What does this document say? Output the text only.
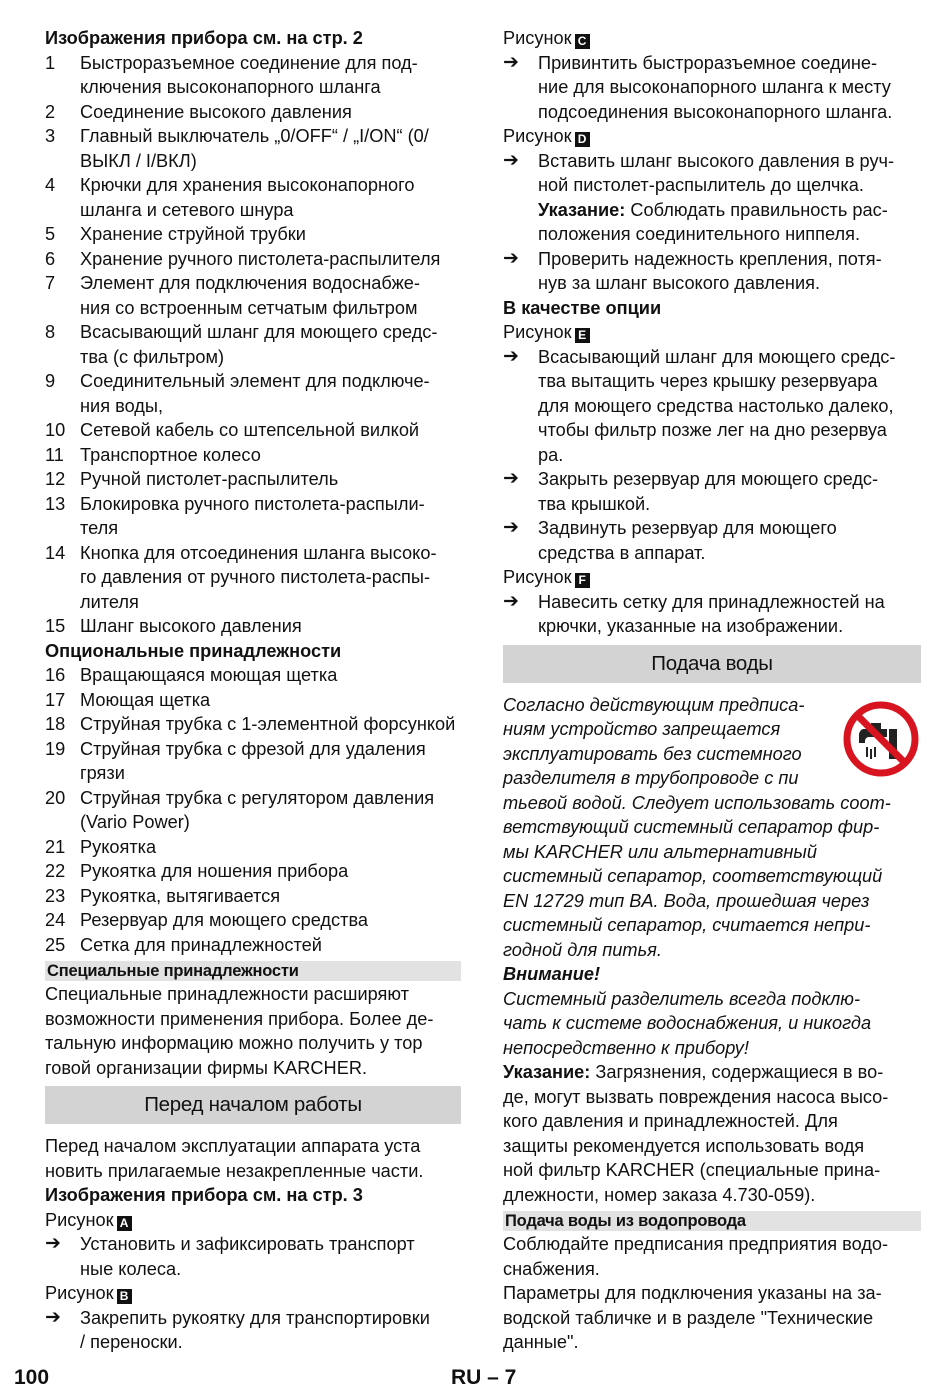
Изображения прибора см. на стр. 2
1 Быстроразъемное соединение для под-
ключения высоконапорного шланга
2 Соединение высокого давления
3 Главный выключатель „0/OFF“ / „I/ON“ (0/
ВЫКЛ / I/ВКЛ)
4 Крючки для хранения высоконапорного
шланга и сетевого шнура
5 Хранение струйной трубки
6 Хранение ручного пистолета-распылителя
7 Элемент для подключения водоснабже-
ния со встроенным сетчатым фильтром
8 Всасывающий шланг для моющего средс-
тва (с фильтром)
9 Соединительный элемент для подключе-
ния воды,
10 Сетевой кабель со штепсельной вилкой
11 Транспортное колесо
12 Ручной пистолет-распылитель
13 Блокировка ручного пистолета-распыли-
теля
14 Кнопка для отсоединения шланга высоко-
го давления от ручного пистолета-распы-
лителя
15 Шланг высокого давления
Опциональные принадлежности
16 Вращающаяся моющая щетка
17 Моющая щетка
18 Струйная трубка с 1-элементной форсункой
19 Струйная трубка с фрезой для удаления
грязи
20 Струйная трубка с регулятором давления
(Vario Power)
21 Рукоятка
22 Рукоятка для ношения прибора
23 Рукоятка, вытягивается
24 Резервуар для моющего средства
25 Сетка для принадлежностей
Специальные принадлежности
Специальные принадлежности расширяют
возможности применения прибора. Более де-
тальную информацию можно получить у тор
говой организации фирмы KARCHER.
Перед началом работы
Перед началом эксплуатации аппарата уста
новить прилагаемые незакрепленные части.
Изображения прибора см. на стр. 3
Рисунок A
➔ Установить и зафиксировать транспорт
ные колеса.
Рисунок B
➔ Закрепить рукоятку для транспортировки
/ переноски.
Рисунок C
➔ Привинтить быстроразъемное соедине-
ние для высоконапорного шланга к месту
подсоединения высоконапорного шланга.
Рисунок D
➔ Вставить шланг высокого давления в руч-
ной пистолет-распылитель до щелчка.
Указание: Соблюдать правильность рас-
положения соединительного ниппеля.
➔ Проверить надежность крепления, потя-
нув за шланг высокого давления.
В качестве опции
Рисунок E
➔ Всасывающий шланг для моющего средс-
тва вытащить через крышку резервуара
для моющего средства настолько далеко,
чтобы фильтр позже лег на дно резервуа
ра.
➔ Закрыть резервуар для моющего средс-
тва крышкой.
➔ Задвинуть резервуар для моющего
средства в аппарат.
Рисунок F
➔ Навесить сетку для принадлежностей на
крючки, указанные на изображении.
Подача воды
Согласно действующим предписа-
ниям устройство запрещается
эксплуатировать без системного
разделителя в трубопроводе с пи
тьевой водой. Следует использовать соот-
ветствующий системный сепаратор фир-
мы KARCHER или альтернативный
системный сепаратор, соответствующий
EN 12729 тип BA. Вода, прошедшая через
системный сепаратор, считается непри-
годной для питья.
Внимание!
Системный разделитель всегда подклю-
чать к системе водоснабжения, и никогда
непосредственно к прибору!
Указание: Загрязнения, содержащиеся в во-
де, могут вызвать повреждения насоса высо-
кого давления и принадлежностей. Для
защиты рекомендуется использовать водя
ной фильтр KARCHER (специальные прина-
длежности, номер заказа 4.730-059).
Подача воды из водопровода
Соблюдайте предписания предприятия водо-
снабжения.
Параметры для подключения указаны на за-
водской табличке и в разделе "Технические
данные".
100	RU – 7
